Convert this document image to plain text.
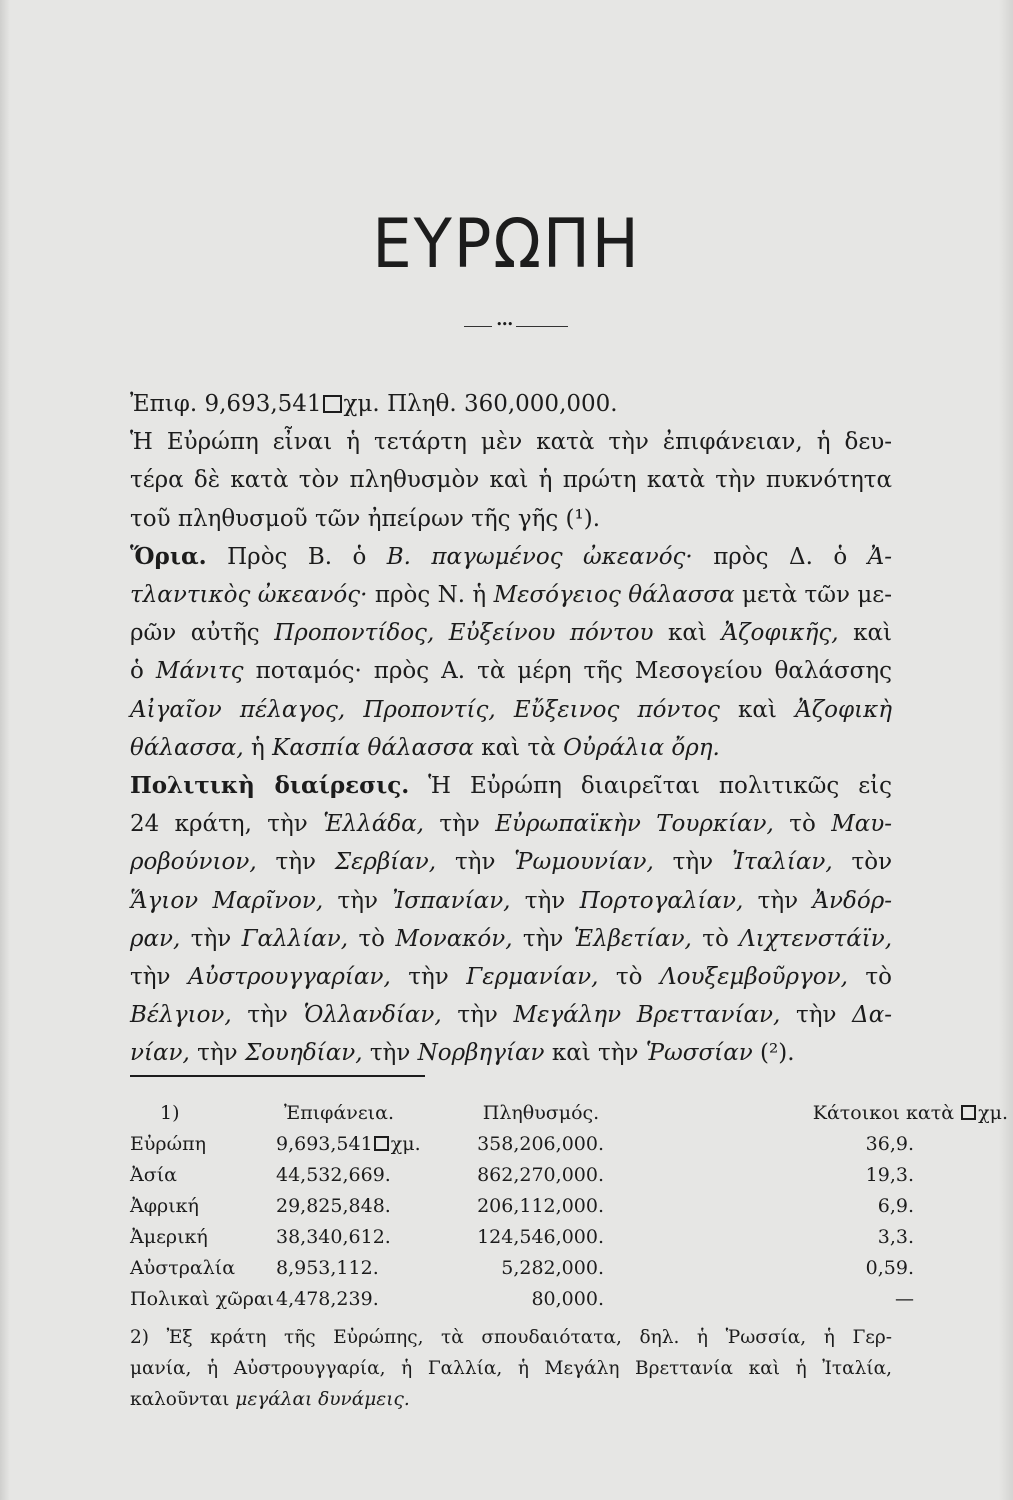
ΕΥΡΩΠΗ
•••

Ἐπιφ. 9,693,541 χμ. Πληθ. 360,000,000.

Ἡ Εὐρώπη εἶναι ἡ τετάρτη μὲν κατὰ τὴν ἐπιφάνειαν, ἡ δευ-
τέρα δὲ κατὰ τὸν πληθυσμὸν καὶ ἡ πρώτη κατὰ τὴν πυκνότητα
τοῦ πληθυσμοῦ τῶν ἠπείρων τῆς γῆς (¹).

Ὅρια. Πρὸς Β. ὁ Β. παγωμένος ὠκεανός· πρὸς Δ. ὁ Ἀ-
τλαντικὸς ὠκεανός· πρὸς Ν. ἡ Μεσόγειος θάλασσα μετὰ τῶν με-
ρῶν αὐτῆς Προποντίδος, Εὐξείνου πόντου καὶ Ἀζοφικῆς, καὶ
ὁ Μάνιτς ποταμός· πρὸς Α. τὰ μέρη τῆς Μεσογείου θαλάσσης
Αἰγαῖον πέλαγος, Προποντίς, Εὔξεινος πόντος καὶ Ἀζοφικὴ
θάλασσα, ἡ Κασπία θάλασσα καὶ τὰ Οὐράλια ὄρη.

Πολιτικὴ διαίρεσις. Ἡ Εὐρώπη διαιρεῖται πολιτικῶς εἰς
24 κράτη, τὴν Ἑλλάδα, τὴν Εὐρωπαϊκὴν Τουρκίαν, τὸ Μαυ-
ροβούνιον, τὴν Σερβίαν, τὴν Ῥωμουνίαν, τὴν Ἰταλίαν, τὸν
Ἅγιον Μαρῖνον, τὴν Ἰσπανίαν, τὴν Πορτογαλίαν, τὴν Ἀνδόρ-
ραν, τὴν Γαλλίαν, τὸ Μονακόν, τὴν Ἑλβετίαν, τὸ Λιχτενστάϊν,
τὴν Αὐστρουγγαρίαν, τὴν Γερμανίαν, τὸ Λουξεμβοῦργον, τὸ
Βέλγιον, τὴν Ὁλλανδίαν, τὴν Μεγάλην Βρεττανίαν, τὴν Δα-
νίαν, τὴν Σουηδίαν, τὴν Νορβηγίαν καὶ τὴν Ῥωσσίαν (²).

1)	Ἐπιφάνεια.	Πληθυσμός.	Κάτοικοι κατὰ χμ.
Εὐρώπη	9,693,541 χμ.	358,206,000.	36,9.
Ἀσία	44,532,669.	862,270,000.	19,3.
Ἀφρική	29,825,848.	206,112,000.	6,9.
Ἀμερική	38,340,612.	124,546,000.	3,3.
Αὐστραλία	8,953,112.	5,282,000.	0,59.
Πολικαὶ χῶραι	4,478,239.	80,000.	—
2) Ἐξ κράτη τῆς Εὐρώπης, τὰ σπουδαιότατα, δηλ. ἡ Ῥωσσία, ἡ Γερ-
μανία, ἡ Αὐστρουγγαρία, ἡ Γαλλία, ἡ Μεγάλη Βρεττανία καὶ ἡ Ἰταλία,
καλοῦνται μεγάλαι δυνάμεις.
